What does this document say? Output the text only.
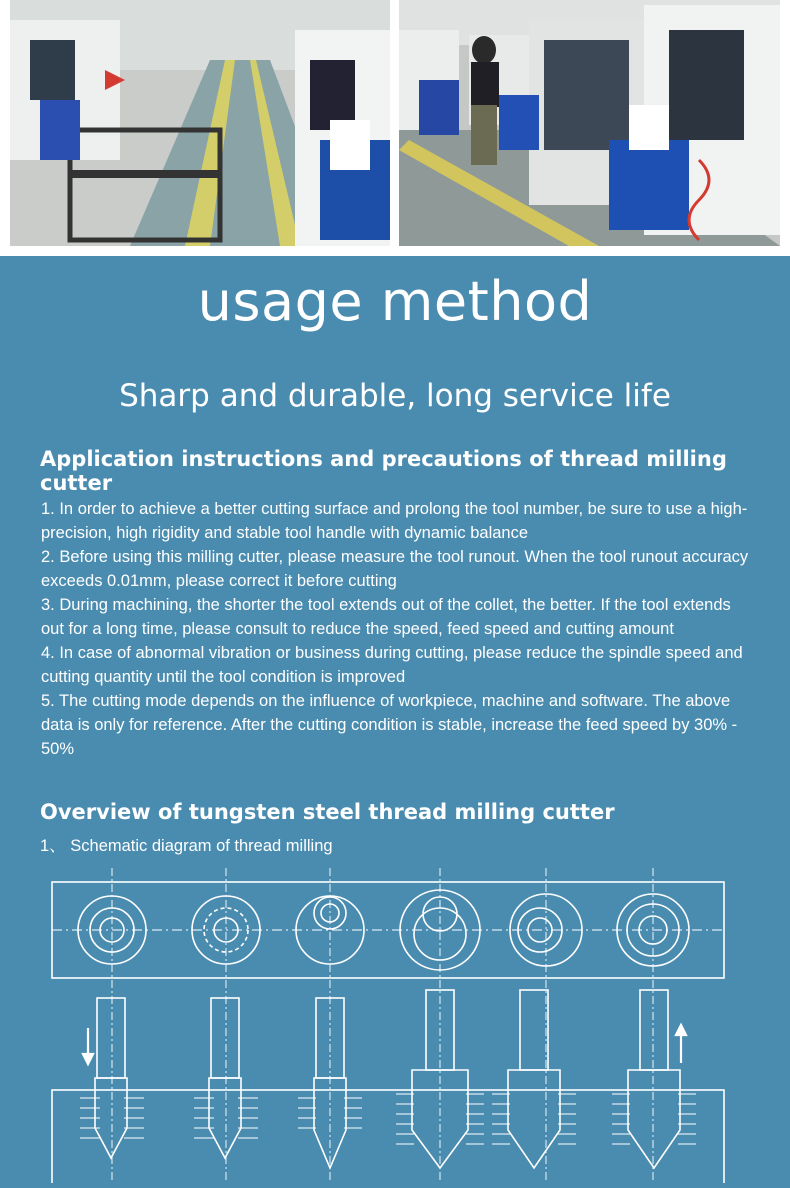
usage method
Sharp and durable, long service life
Application instructions and precautions of thread milling cutter

1. In order to achieve a better cutting surface and prolong the tool number, be sure to use a high-precision, high rigidity and stable tool handle with dynamic balance

2. Before using this milling cutter, please measure the tool runout. When the tool runout accuracy exceeds 0.01mm, please correct it before cutting

3. During machining, the shorter the tool extends out of the collet, the better. If the tool extends out for a long time, please consult to reduce the speed, feed speed and cutting amount

4. In case of abnormal vibration or business during cutting, please reduce the spindle speed and cutting quantity until the tool condition is improved

5. The cutting mode depends on the influence of workpiece, machine and software. The above data is only for reference. After the cutting condition is stable, increase the feed speed by 30% - 50%

Overview of tungsten steel thread milling cutter
1、 Schematic diagram of thread milling
